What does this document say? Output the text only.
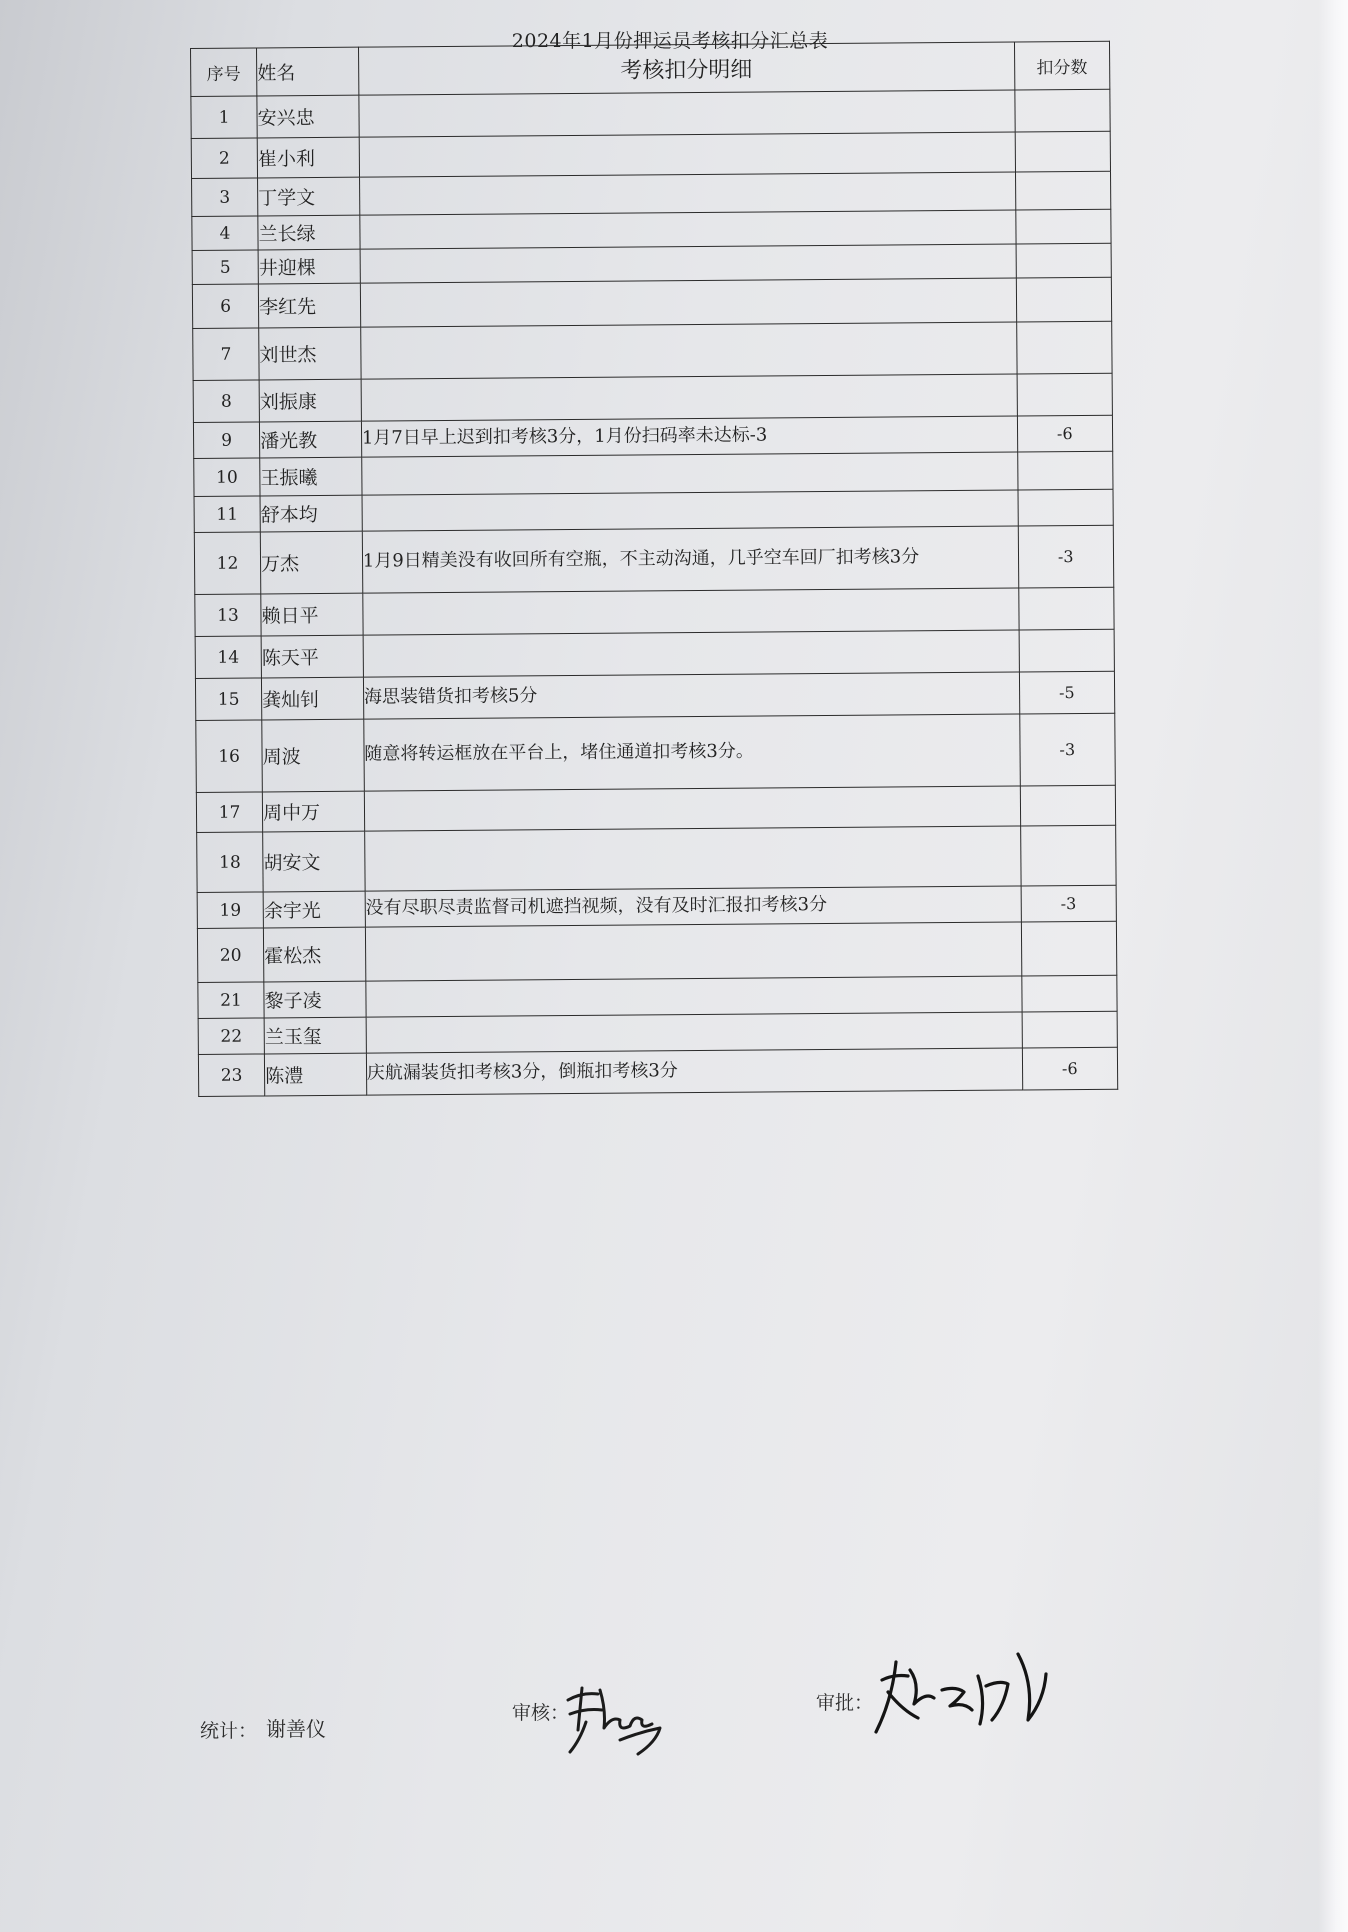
2024年1月份押运员考核扣分汇总表
序号	姓名	考核扣分明细	扣分数
1	安兴忠		
2	崔小利		
3	丁学文		
4	兰长绿		
5	井迎棵		
6	李红先		
7	刘世杰		
8	刘振康		
9	潘光教	1月7日早上迟到扣考核3分，1月份扫码率未达标-3	-6
10	王振曦		
11	舒本均		
12	万杰	1月9日精美没有收回所有空瓶，不主动沟通，几乎空车回厂扣考核3分	-3
13	赖日平		
14	陈天平		
15	龚灿钊	海思装错货扣考核5分	-5
16	周波	随意将转运框放在平台上，堵住通道扣考核3分。	-3
17	周中万		
18	胡安文		
19	余宇光	没有尽职尽责监督司机遮挡视频，没有及时汇报扣考核3分	-3
20	霍松杰		
21	黎子凌		
22	兰玉玺		
23	陈澧	庆航漏装货扣考核3分，倒瓶扣考核3分	-6
统计： 谢善仪
审核：	审批：
